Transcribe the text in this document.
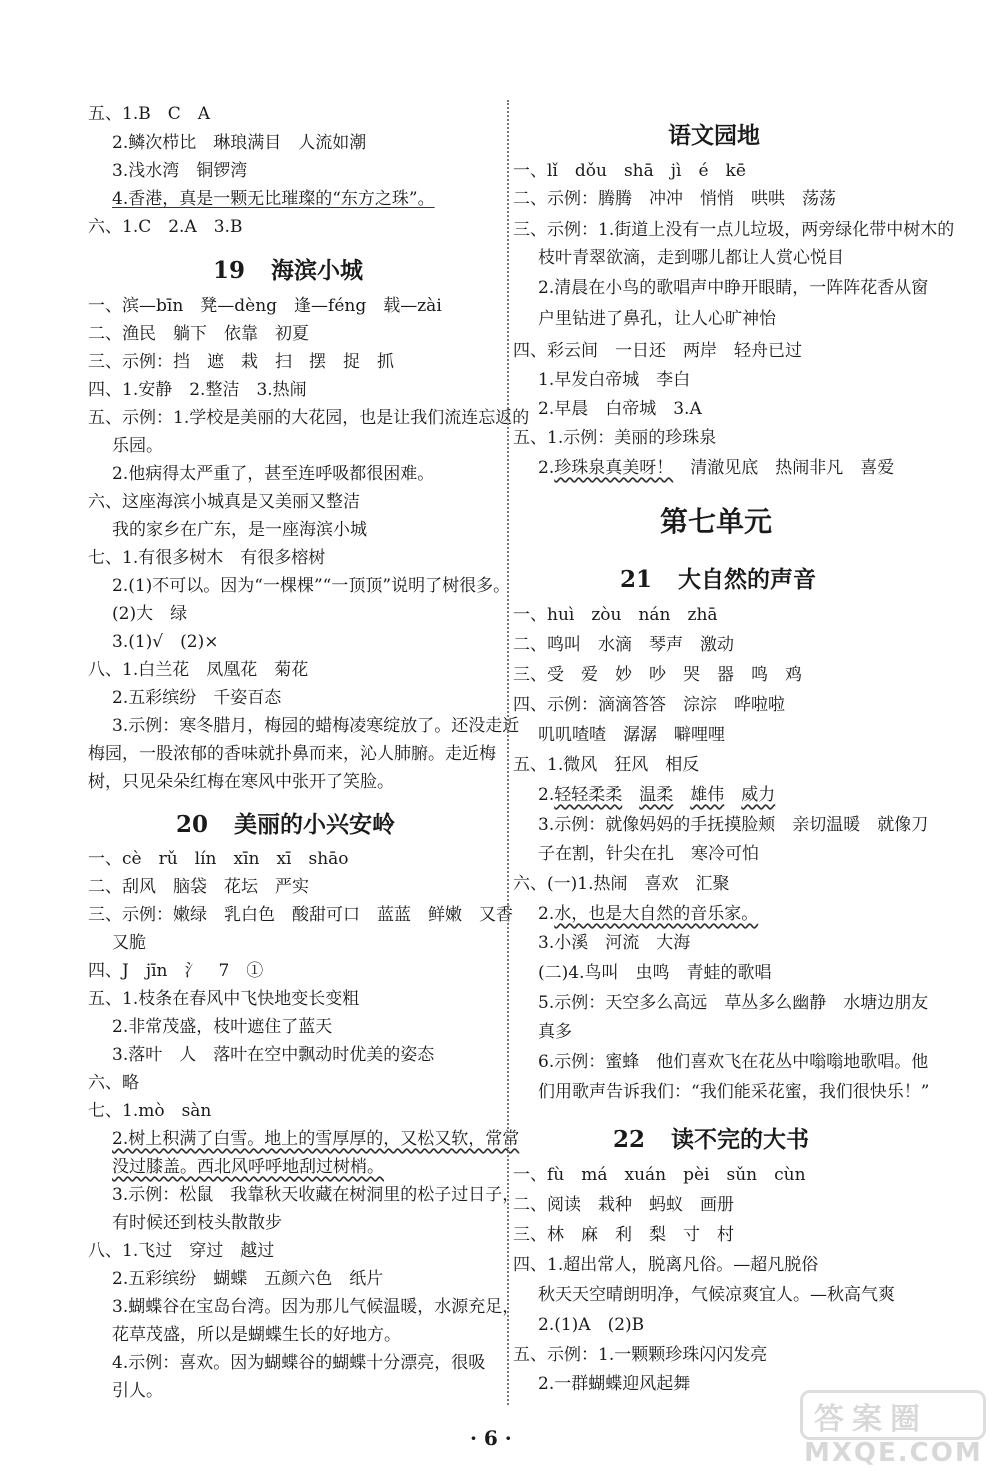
五、1.B　C　A
2.鳞次栉比　琳琅满目　人流如潮
3.浅水湾　铜锣湾
4.香港，真是一颗无比璀璨的“东方之珠”。
六、1.C　2.A　3.B
19 海滨小城
一、滨—bīn　凳—dèng　逢—féng　载—zài
二、渔民　躺下　依靠　初夏
三、示例：挡　遮　栽　扫　摆　捉　抓
四、1.安静　2.整洁　3.热闹
五、示例：1.学校是美丽的大花园，也是让我们流连忘返的
乐园。
2.他病得太严重了，甚至连呼吸都很困难。
六、这座海滨小城真是又美丽又整洁
我的家乡在广东，是一座海滨小城
七、1.有很多树木　有很多榕树
2.(1)不可以。因为“一棵棵”“一顶顶”说明了树很多。
(2)大　绿
3.(1)√　(2)×
八、1.白兰花　凤凰花　菊花
2.五彩缤纷　千姿百态
3.示例：寒冬腊月，梅园的蜡梅凌寒绽放了。还没走近
梅园，一股浓郁的香味就扑鼻而来，沁人肺腑。走近梅
树，只见朵朵红梅在寒风中张开了笑脸。
20 美丽的小兴安岭
一、cè　rǔ　lín　xīn　xī　shāo
二、刮风　脑袋　花坛　严实
三、示例：嫩绿　乳白色　酸甜可口　蓝蓝　鲜嫩　又香
又脆
四、J　jīn　氵　7　①
五、1.枝条在春风中飞快地变长变粗
2.非常茂盛，枝叶遮住了蓝天
3.落叶　人　落叶在空中飘动时优美的姿态
六、略
七、1.mò　sàn
2.树上积满了白雪。地上的雪厚厚的，又松又软，常常
没过膝盖。西北风呼呼地刮过树梢。
3.示例：松鼠　我靠秋天收藏在树洞里的松子过日子，
有时候还到枝头散散步
八、1.飞过　穿过　越过
2.五彩缤纷　蝴蝶　五颜六色　纸片
3.蝴蝶谷在宝岛台湾。因为那儿气候温暖，水源充足，
花草茂盛，所以是蝴蝶生长的好地方。
4.示例：喜欢。因为蝴蝶谷的蝴蝶十分漂亮，很吸
引人。
语文园地
一、lǐ　dǒu　shā　jì　é　kē
二、示例：腾腾　冲冲　悄悄　哄哄　荡荡
三、示例：1.街道上没有一点儿垃圾，两旁绿化带中树木的
枝叶青翠欲滴，走到哪儿都让人赏心悦目
2.清晨在小鸟的歌唱声中睁开眼睛，一阵阵花香从窗
户里钻进了鼻孔，让人心旷神怡
四、彩云间　一日还　两岸　轻舟已过
1.早发白帝城　李白
2.早晨　白帝城　3.A
五、1.示例：美丽的珍珠泉
2.珍珠泉真美呀！　清澈见底　热闹非凡　喜爱
第七单元
21 大自然的声音
一、huì　zòu　nán　zhā
二、鸣叫　水滴　琴声　激动
三、受　爱　妙　吵　哭　器　鸣　鸡
四、示例：滴滴答答　淙淙　哗啦啦
叽叽喳喳　潺潺　噼哩哩
五、1.微风　狂风　相反
2.轻轻柔柔　 温柔　 雄伟　 威力
3.示例：就像妈妈的手抚摸脸颊　亲切温暖　就像刀
子在割，针尖在扎　寒冷可怕
六、(一)1.热闹　喜欢　汇聚
2.水，也是大自然的音乐家。
3.小溪　河流　大海
(二)4.鸟叫　虫鸣　青蛙的歌唱
5.示例：天空多么高远　草丛多么幽静　水塘边朋友
真多
6.示例：蜜蜂　他们喜欢飞在花丛中嗡嗡地歌唱。他
们用歌声告诉我们：“我们能采花蜜，我们很快乐！”
22 读不完的大书
一、fù　má　xuán　pèi　sǔn　cùn
二、阅读　栽种　蚂蚁　画册
三、林　麻　利　梨　寸　村
四、1.超出常人，脱离凡俗。—超凡脱俗
秋天天空晴朗明净，气候凉爽宜人。—秋高气爽
2.(1)A　(2)B
五、示例：1.一颗颗珍珠闪闪发亮
2.一群蝴蝶迎风起舞
· 6 ·
答案圈
MXQE.COM
